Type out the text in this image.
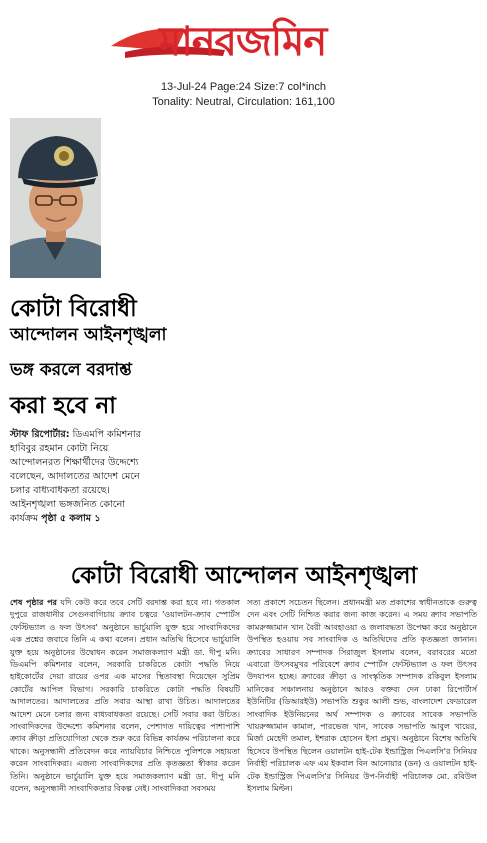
মানবজমিন
13-Jul-24 Page:24 Size:7 col*inch
Tonality: Neutral, Circulation: 161,100
কোটা বিরোধী
আন্দোলন আইনশৃঙ্খলা
ভঙ্গ করলে বরদাশ্ত
করা হবে না
স্টাফ রিপোর্টার: ডিএমপি কমিশনার হাবিবুর রহমান কোটা নিয়ে আন্দোলনরত শিক্ষার্থীদের উদ্দেশ্যে বলেছেন, আদালতের আদেশ মেনে চলার বাধ্যবাধকতা রয়েছে। আইনশৃঙ্খলা ভঙ্গজনিত কোনো কার্যক্রম পৃষ্ঠা ৫ কলাম ১
কোটা বিরোধী আন্দোলন আইনশৃঙ্খলা
শেষ পৃষ্ঠার পর যদি কেউ করে তবে সেটি বরদাশ্ত করা হবে না। গতকাল দুপুরে রাজধানীর সেগুনবাগিচায় ক্র্যাব চত্বরে 'ওয়ালটন-ক্র্যাব স্পোর্টস ফেস্টিভ্যাল ও ফল উৎসব' অনুষ্ঠানে ভার্চুয়ালি যুক্ত হয়ে সাংবাদিকদের এক প্রশ্নের জবাবে তিনি এ কথা বলেন। প্রধান অতিথি হিসেবে ভার্চুয়ালি যুক্ত হয়ে অনুষ্ঠানের উদ্বোধন করেন সমাজকল্যাণ মন্ত্রী ডা. দীপু মনি। ডিএমপি কমিশনার বলেন, সরকারি চাকরিতে কোটা পদ্ধতি নিয়ে হাইকোর্টের দেয়া রায়ের ওপর এক মাসের স্থিতাবস্থা দিয়েছেন সুপ্রিম কোর্টের আপিল বিভাগ। সরকারি চাকরিতে কোটা পদ্ধতি বিষয়টি আদালতের। আদালতের প্রতি সবার আস্থা রাখা উচিত। আদালতের আদেশ মেনে চলার জন্য বাধ্যবাধকতা রয়েছে। সেটি সবার করা উচিত। সাংবাদিকদের উদ্দেশ্যে কমিশনার বলেন, পেশাগত দায়িত্বের পাশাপাশি ক্র্যাব ক্রীড়া প্রতিযোগিতা থেকে শুরু করে বিভিন্ন কার্যক্রম পরিচালনা করে থাকে। অনুসন্ধানী প্রতিবেদন করে ন্যায়বিচার নিশ্চিতে পুলিশকে সহায়তা করেন সাংবাদিকরা। এজন্য সাংবাদিকদের প্রতি কৃতজ্ঞতা স্বীকার করেন তিনি। অনুষ্ঠানে ভার্চুয়ালি যুক্ত হয়ে সমাজকল্যাণ মন্ত্রী ডা. দীপু মনি বলেন, অনুসন্ধানী সাংবাদিকতার বিকল্প নেই। সাংবাদিকরা সবসময়
সত্য প্রকাশে সচেতন ছিলেন। প্রধানমন্ত্রী মত প্রকাশের স্বাধীনতাকে গুরুত্ব দেন এবং সেটি নিশ্চিত করার জন্য কাজ করেন। এ সময় ক্র্যাব সভাপতি কামরুজ্জামান খান বৈরী আবহাওয়া ও জলাবদ্ধতা উপেক্ষা করে অনুষ্ঠানে উপস্থিত হওয়ায় সব সাংবাদিক ও অতিথিদের প্রতি কৃতজ্ঞতা জানান। ক্র্যাবের সাধারণ সম্পাদক সিরাজুল ইসলাম বলেন, বরাবরের মতো এবারো উৎসবমুখর পরিবেশে ক্র্যাব স্পোর্টস ফেস্টিভ্যাল ও ফল উৎসব উদযাপন হচ্ছে। ক্র্যাবের ক্রীড়া ও সাংস্কৃতিক সম্পাদক রকিবুল ইসলাম মানিকের সঞ্চালনায় অনুষ্ঠানে আরও বক্তব্য দেন ঢাকা রিপোর্টার্স ইউনিটির (ডিআরইউ) সভাপতি শুকুর আলী শুভ, বাংলাদেশ ফেডারেল সাংবাদিক ইউনিয়নের অর্থ সম্পাদক ও ক্র্যাবের সাবেক সভাপতি খায়রুজ্জামান কামাল, পারভেজ খান, সাবেক সভাপতি আবুল খায়ের, মির্জা মেহেদী তমাল, ইশরাক হোসেন ইসা প্রমুখ। অনুষ্ঠানে বিশেষ অতিথি হিসেবে উপস্থিত ছিলেন ওয়ালটন হাই-টেক ইন্ডাস্ট্রিজ পিএলসি'র সিনিয়র নির্বাহী পরিচালক এফ এম ইকবাল বিন আনোয়ার (ডন) ও ওয়ালটন হাই-টেক ইন্ডাস্ট্রিজ পিএলসি'র সিনিয়র উপ-নির্বাহী পরিচালক মো. রবিউল ইসলাম মিল্টন।
